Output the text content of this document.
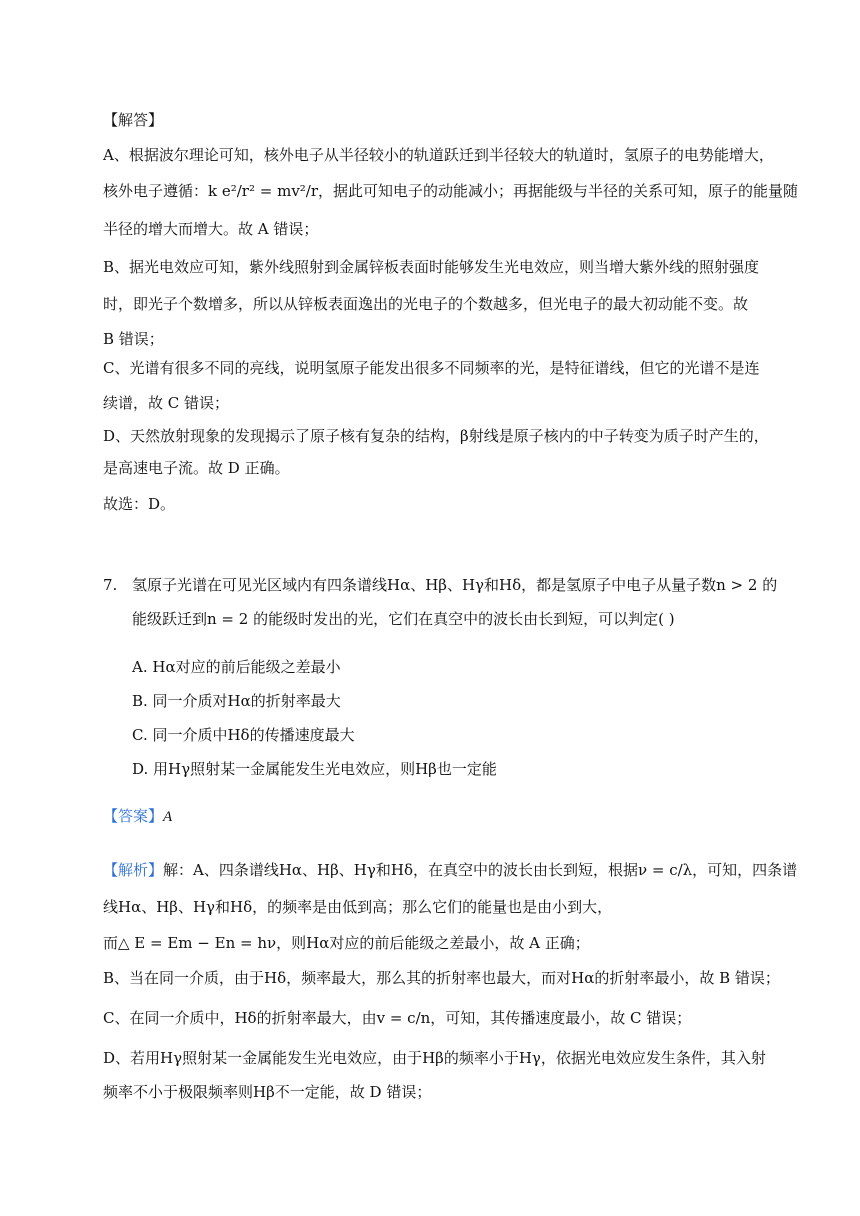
【解答】
A、根据波尔理论可知，核外电子从半径较小的轨道跃迁到半径较大的轨道时，氢原子的电势能增大，
核外电子遵循：k e²/r² = mv²/r，据此可知电子的动能减小；再据能级与半径的关系可知，原子的能量随
半径的增大而增大。故 A 错误；
B、据光电效应可知，紫外线照射到金属锌板表面时能够发生光电效应，则当增大紫外线的照射强度
时，即光子个数增多，所以从锌板表面逸出的光电子的个数越多，但光电子的最大初动能不变。故
B 错误；
C、光谱有很多不同的亮线，说明氢原子能发出很多不同频率的光，是特征谱线，但它的光谱不是连
续谱，故 C 错误；
D、天然放射现象的发现揭示了原子核有复杂的结构，β射线是原子核内的中子转变为质子时产生的，
是高速电子流。故 D 正确。
故选：D。
7. 氢原子光谱在可见光区域内有四条谱线Hα、Hβ、Hγ和Hδ，都是氢原子中电子从量子数n > 2 的
能级跃迁到n = 2 的能级时发出的光，它们在真空中的波长由长到短，可以判定( )
A. Hα对应的前后能级之差最小
B. 同一介质对Hα的折射率最大
C. 同一介质中Hδ的传播速度最大
D. 用Hγ照射某一金属能发生光电效应，则Hβ也一定能
【答案】A
【解析】解：A、四条谱线Hα、Hβ、Hγ和Hδ，在真空中的波长由长到短，根据ν = c/λ，可知，四条谱
线Hα、Hβ、Hγ和Hδ，的频率是由低到高；那么它们的能量也是由小到大，
而△ E = Em − En = hν，则Hα对应的前后能级之差最小，故 A 正确；
B、当在同一介质，由于Hδ，频率最大，那么其的折射率也最大，而对Hα的折射率最小，故 B 错误；
C、在同一介质中，Hδ的折射率最大，由v = c/n，可知，其传播速度最小，故 C 错误；
D、若用Hγ照射某一金属能发生光电效应，由于Hβ的频率小于Hγ，依据光电效应发生条件，其入射
频率不小于极限频率则Hβ不一定能，故 D 错误；
